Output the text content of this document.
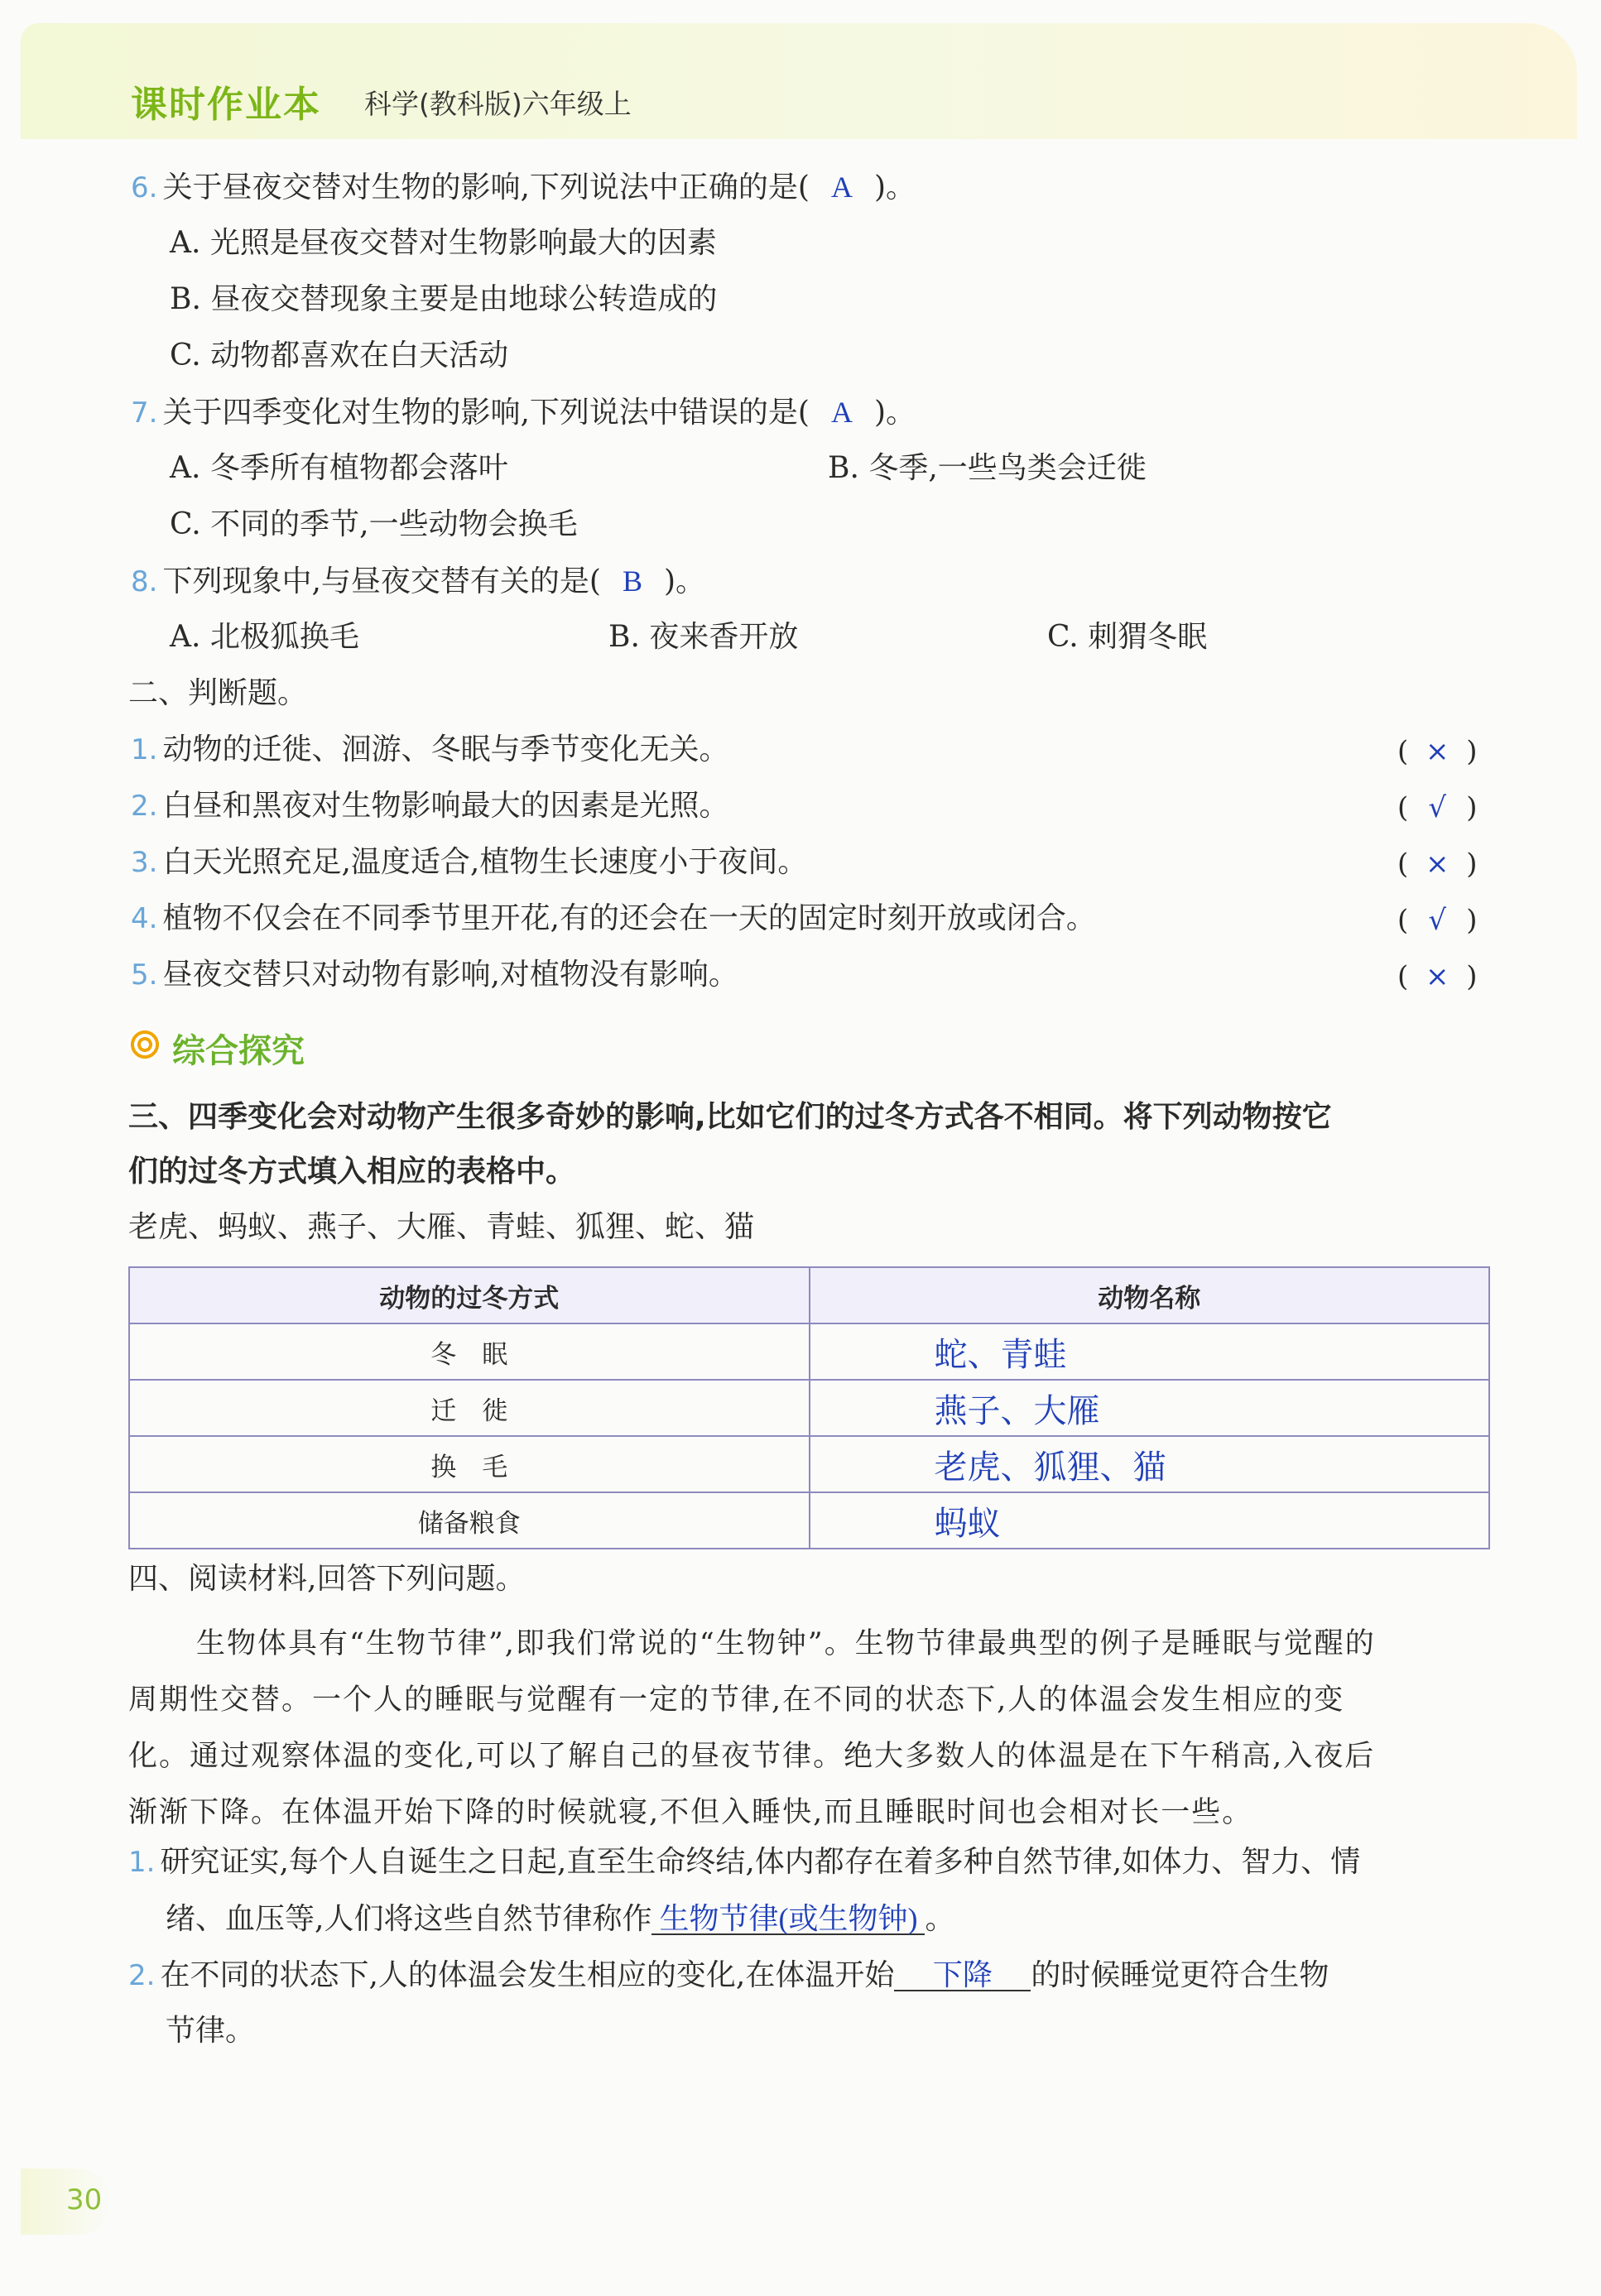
课时作业本 科学(教科版)六年级上
6. 关于昼夜交替对生物的影响,下列说法中正确的是( A )。
A. 光照是昼夜交替对生物影响最大的因素
B. 昼夜交替现象主要是由地球公转造成的
C. 动物都喜欢在白天活动
7. 关于四季变化对生物的影响,下列说法中错误的是( A )。
A. 冬季所有植物都会落叶	B. 冬季,一些鸟类会迁徙
C. 不同的季节,一些动物会换毛
8. 下列现象中,与昼夜交替有关的是( B )。
A. 北极狐换毛	B. 夜来香开放	C. 刺猬冬眠
二、判断题。
1. 动物的迁徙、洄游、冬眠与季节变化无关。	( × )
2. 白昼和黑夜对生物影响最大的因素是光照。	( √ )
3. 白天光照充足,温度适合,植物生长速度小于夜间。	( × )
4. 植物不仅会在不同季节里开花,有的还会在一天的固定时刻开放或闭合。	( √ )
5. 昼夜交替只对动物有影响,对植物没有影响。	( × )
综合探究
三、四季变化会对动物产生很多奇妙的影响,比如它们的过冬方式各不相同。将下列动物按它
们的过冬方式填入相应的表格中。
老虎、蚂蚁、燕子、大雁、青蛙、狐狸、蛇、猫
动物的过冬方式	动物名称
冬　眠	蛇、青蛙
迁　徙	燕子、大雁
换　毛	老虎、狐狸、猫
储备粮食	蚂蚁
四、阅读材料,回答下列问题。
生物体具有“生物节律”,即我们常说的“生物钟”。生物节律最典型的例子是睡眠与觉醒的
周期性交替。一个人的睡眠与觉醒有一定的节律,在不同的状态下,人的体温会发生相应的变
化。通过观察体温的变化,可以了解自己的昼夜节律。绝大多数人的体温是在下午稍高,入夜后
渐渐下降。在体温开始下降的时候就寝,不但入睡快,而且睡眠时间也会相对长一些。
1. 研究证实,每个人自诞生之日起,直至生命终结,体内都存在着多种自然节律,如体力、智力、情
绪、血压等,人们将这些自然节律称作 生物节律(或生物钟) 。
2. 在不同的状态下,人的体温会发生相应的变化,在体温开始 下降 的时候睡觉更符合生物
节律。
30
